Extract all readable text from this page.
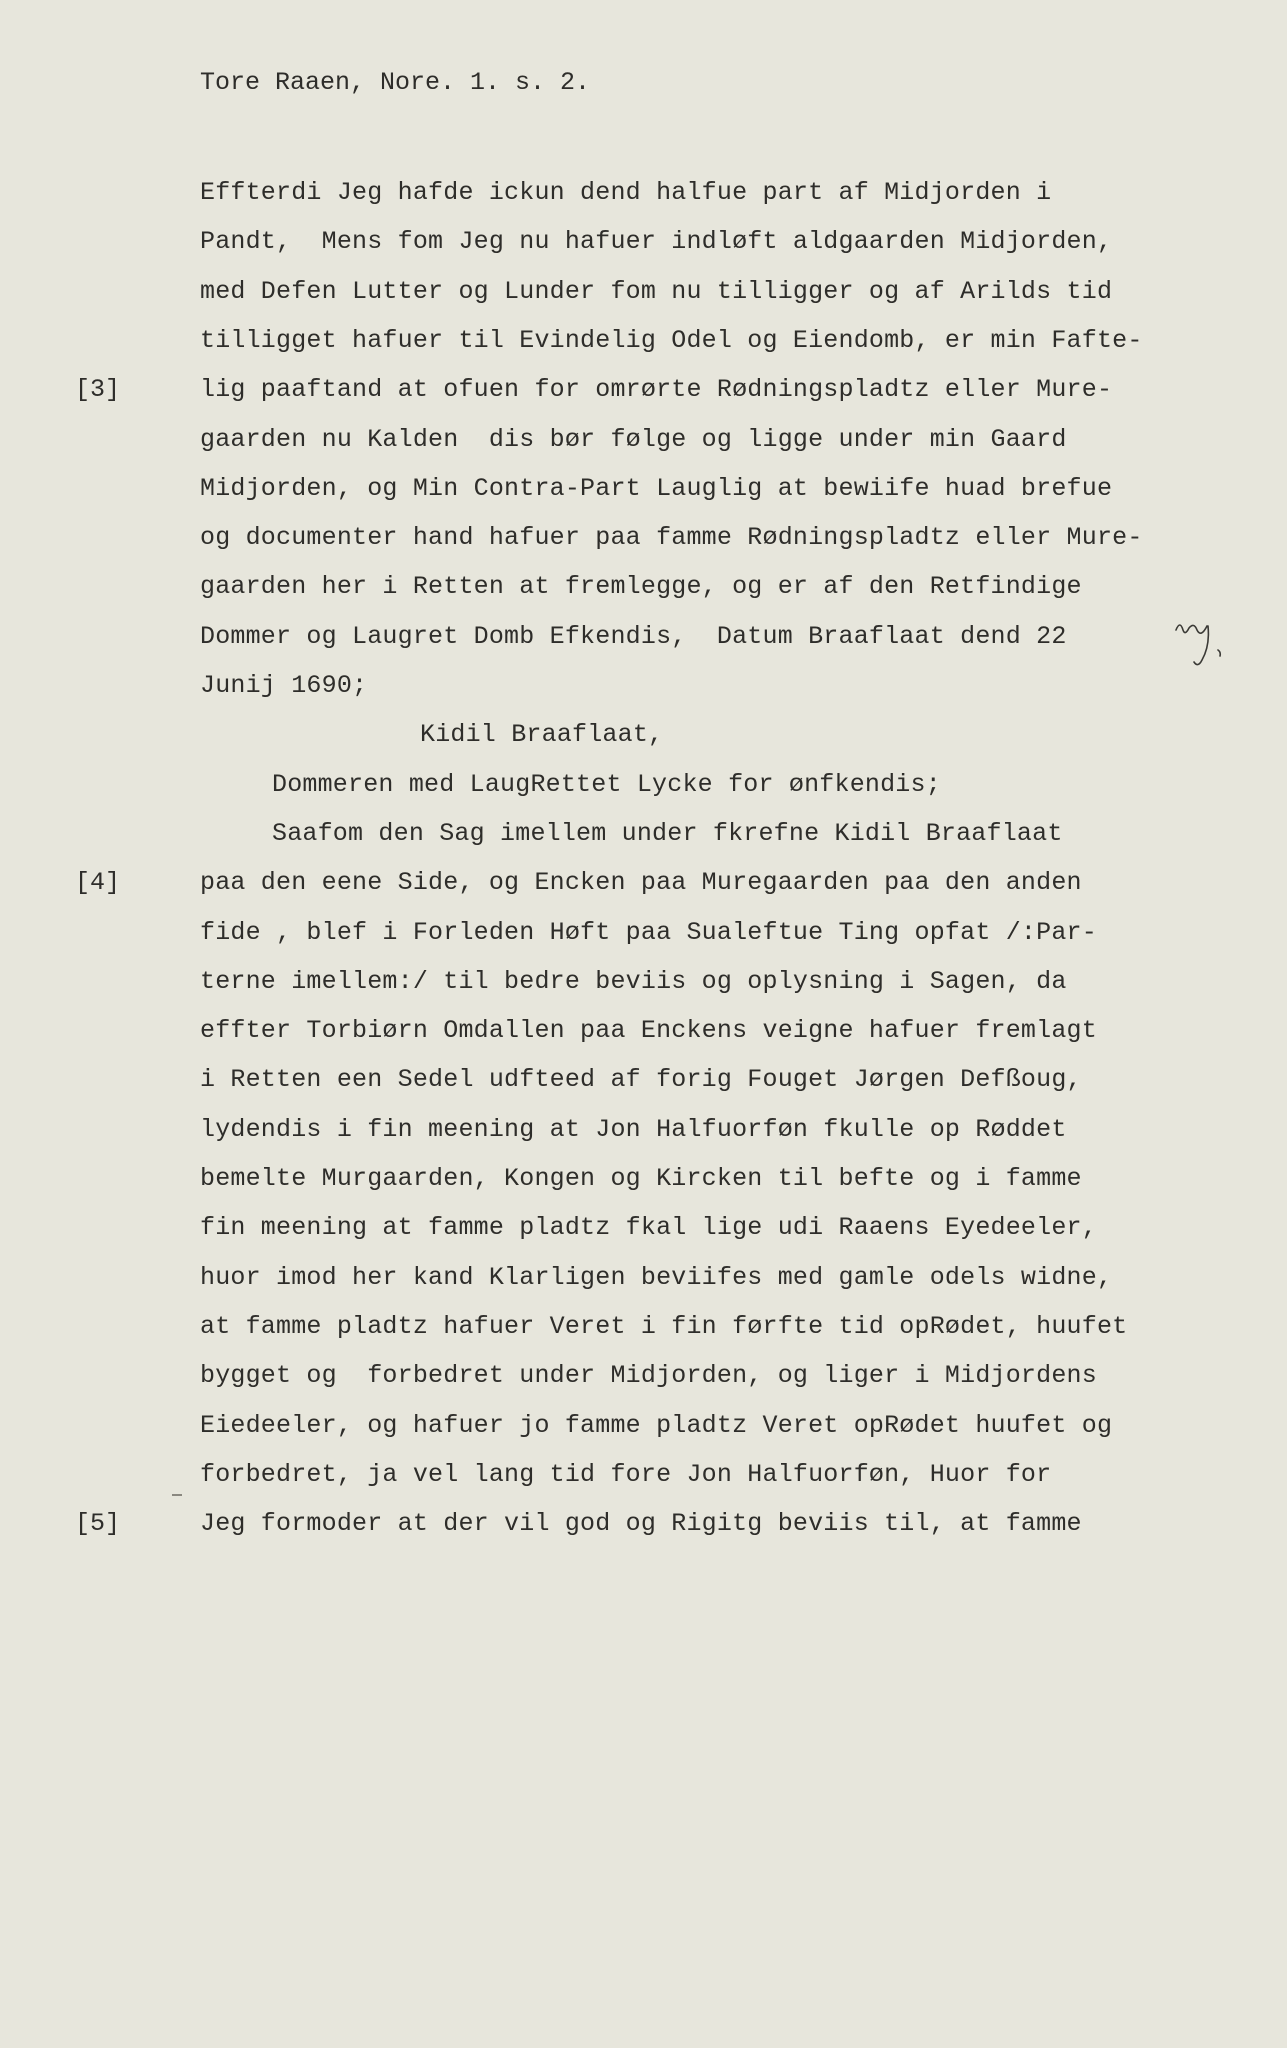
Tore Raaen, Nore. 1. s. 2.
Effterdi Jeg hafde ickun dend halfue part af Midjorden i
Pandt,  Mens fom Jeg nu hafuer indløft aldgaarden Midjorden,
med Defen Lutter og Lunder fom nu tilligger og af Arilds tid
tilligget hafuer til Evindelig Odel og Eiendomb, er min Fafte-
lig paaftand at ofuen for omrørte Rødningspladtz eller Mure-
gaarden nu Kalden  dis bør følge og ligge under min Gaard
Midjorden, og Min Contra-Part Lauglig at bewiife huad brefue
og documenter hand hafuer paa famme Rødningspladtz eller Mure-
gaarden her i Retten at fremlegge, og er af den Retfindige
Dommer og Laugret Domb Efkendis,  Datum Braaflaat dend 22
Junij 1690;
Kidil Braaflaat,
Dommeren med LaugRettet Lycke for ønfkendis;
Saafom den Sag imellem under fkrefne Kidil Braaflaat
paa den eene Side, og Encken paa Muregaarden paa den anden
fide , blef i Forleden Høft paa Sualeftue Ting opfat /:Par-
terne imellem:/ til bedre beviis og oplysning i Sagen, da
effter Torbiørn Omdallen paa Enckens veigne hafuer fremlagt
i Retten een Sedel udfteed af forig Fouget Jørgen Defßoug,
lydendis i fin meening at Jon Halfuorføn fkulle op Røddet
bemelte Murgaarden, Kongen og Kircken til befte og i famme
fin meening at famme pladtz fkal lige udi Raaens Eyedeeler,
huor imod her kand Klarligen beviifes med gamle odels widne,
at famme pladtz hafuer Veret i fin førfte tid opRødet, huufet
bygget og  forbedret under Midjorden, og liger i Midjordens
Eiedeeler, og hafuer jo famme pladtz Veret opRødet huufet og
forbedret, ja vel lang tid fore Jon Halfuorføn, Huor for
Jeg formoder at der vil god og Rigitg beviis til, at famme
[3]
[4]
[5]
